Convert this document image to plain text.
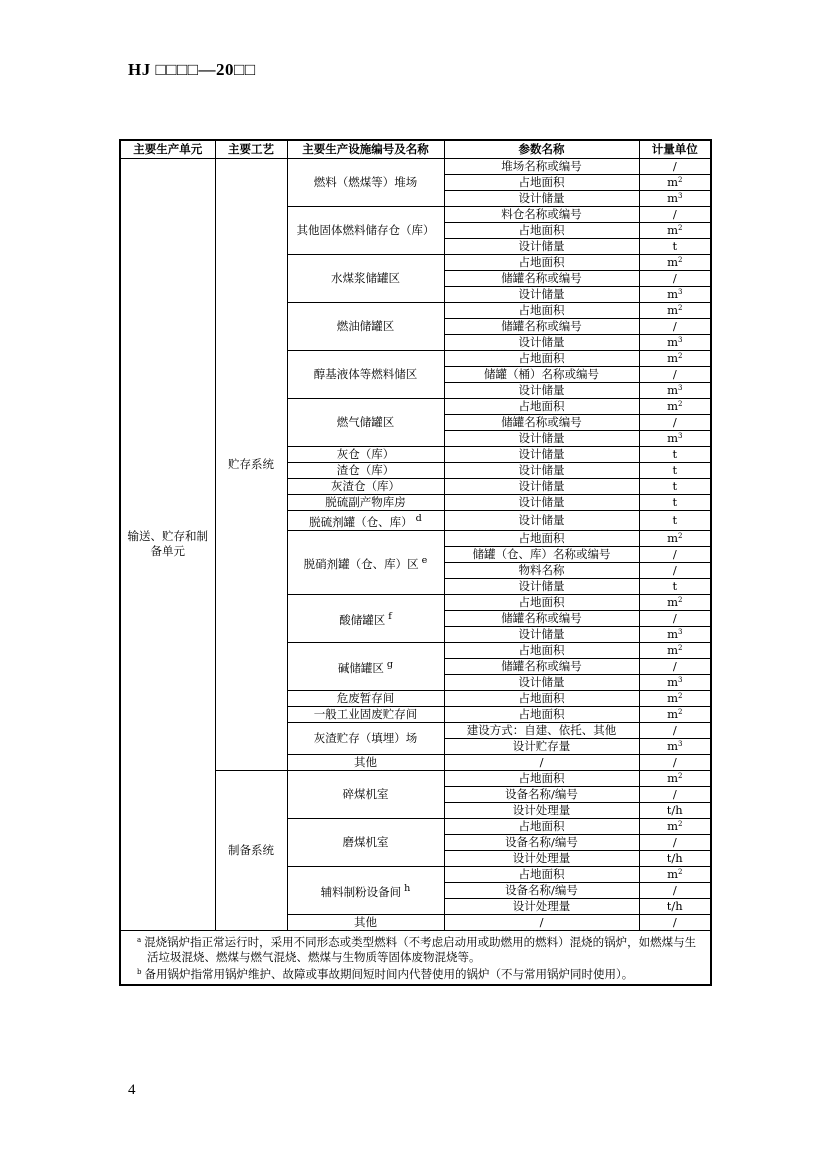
HJ □□□□—20□□
主要生产单元	主要工艺	主要生产设施编号及名称	参数名称	计量单位
输送、贮存和制备单元	贮存系统	燃料（燃煤等）堆场	堆场名称或编号	/
			占地面积	$m^2$
			设计储量	$m^3$
		其他固体燃料储存仓（库）	料仓名称或编号	/
			占地面积	$m^2$
			设计储量	t
		水煤浆储罐区	占地面积	$m^2$
			储罐名称或编号	/
			设计储量	$m^3$
		燃油储罐区	占地面积	$m^2$
			储罐名称或编号	/
			设计储量	$m^3$
		醇基液体等燃料储区	占地面积	$m^2$
			储罐（桶）名称或编号	/
			设计储量	$m^3$
		燃气储罐区	占地面积	$m^2$
			储罐名称或编号	/
			设计储量	$m^3$
		灰仓（库）	设计储量	t
		渣仓（库）	设计储量	t
		灰渣仓（库）	设计储量	t
		脱硫副产物库房	设计储量	t
		脱硫剂罐（仓、库） $^d$	设计储量	t
		脱硝剂罐（仓、库）区 $^e$	占地面积	$m^2$
			储罐（仓、库）名称或编号	/
			物料名称	/
			设计储量	t
		酸储罐区 $^f$	占地面积	$m^2$
			储罐名称或编号	/
			设计储量	$m^3$
		碱储罐区 $^g$	占地面积	$m^2$
			储罐名称或编号	/
			设计储量	$m^3$
		危废暂存间	占地面积	$m^2$
		一般工业固废贮存间	占地面积	$m^2$
		灰渣贮存（填埋）场	建设方式：自建、依托、其他	/
			设计贮存量	$m^3$
		其他	/	/
	制备系统	碎煤机室	占地面积	$m^2$
			设备名称/编号	/
			设计处理量	t/h
		磨煤机室	占地面积	$m^2$
			设备名称/编号	/
			设计处理量	t/h
		辅料制粉设备间 $^h$	占地面积	$m^2$
			设备名称/编号	/
			设计处理量	t/h
		其他	/	/

$^a$ 混烧锅炉指正常运行时，采用不同形态或类型燃料（不考虑启动用或助燃用的燃料）混烧的锅炉，如燃煤与生活垃圾混烧、燃煤与燃气混烧、燃煤与生物质等固体废物混烧等。
$^b$ 备用锅炉指常用锅炉维护、故障或事故期间短时间内代替使用的锅炉（不与常用锅炉同时使用）。				
4
